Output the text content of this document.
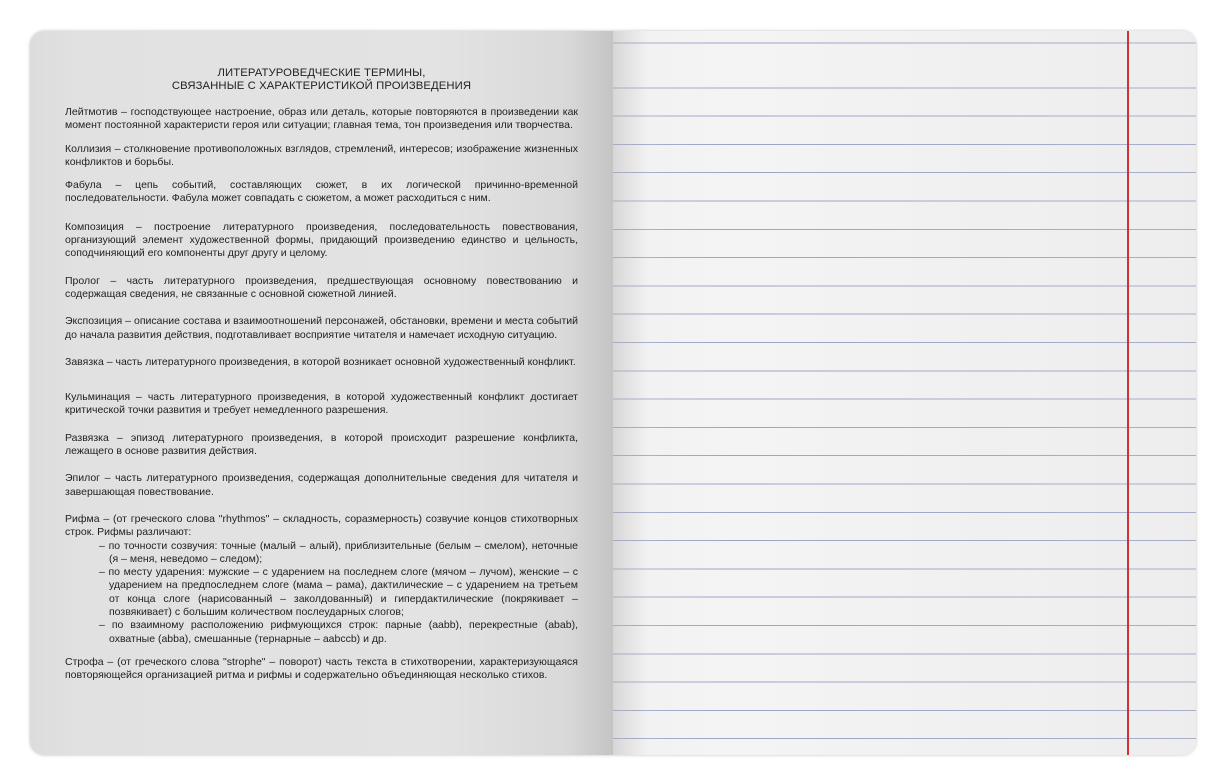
ЛИТЕРАТУРОВЕДЧЕСКИЕ ТЕРМИНЫ,
СВЯЗАННЫЕ С ХАРАКТЕРИСТИКОЙ ПРОИЗВЕДЕНИЯ

Лейтмотив – господствующее настроение, образ или деталь, которые повторяются в произведении как момент постоянной характеристи героя или ситуации; главная тема, тон произведения или творчества.

Коллизия – столкновение противоположных взглядов, стремлений, интересов; изображение жизненных конфликтов и борьбы.

Фабула – цепь событий, составляющих сюжет, в их логической причинно-временной последовательности. Фабула может совпадать с сюжетом, а может расходиться с ним.

Композиция – построение литературного произведения, последовательность повествования, организующий элемент художественной формы, придающий произведению единство и цельность, соподчиняющий его компоненты друг другу и целому.

Пролог – часть литературного произведения, предшествующая основному повествованию и содержащая сведения, не связанные с основной сюжетной линией.

Экспозиция – описание состава и взаимоотношений персонажей, обстановки, времени и места событий до начала развития действия, подготавливает восприятие читателя и намечает исходную ситуацию.

Завязка – часть литературного произведения, в которой возникает основной художественный конфликт.

Кульминация – часть литературного произведения, в которой художественный конфликт достигает критической точки развития и требует немедленного разрешения.

Развязка – эпизод литературного произведения, в которой происходит разрешение конфликта, лежащего в основе развития действия.

Эпилог – часть литературного произведения, содержащая дополнительные сведения для читателя и завершающая повествование.

Рифма – (от греческого слова "rhythmos" – складность, соразмерность) созвучие концов стихотворных строк. Рифмы различают:

– по точности созвучия: точные (малый – алый), приблизительные (белым – смелом), неточные (я – меня, неведомо – следом);
– по месту ударения: мужские – с ударением на последнем слоге (мячом – лучом), женские – с ударением на предпоследнем слоге (мама – рама), дактилические – с ударением на третьем от конца слоге (нарисованный – заколдованный) и гипердактилические (покрякивает – позвякивает) с большим количеством послеударных слогов;
– по взаимному расположению рифмующихся строк: парные (aabb), перекрестные (abab), охватные (abba), смешанные (тернарные – aabccb) и др.

Строфа – (от греческого слова "strophe" – поворот) часть текста в стихотворении, характеризующаяся повторяющейся организацией ритма и рифмы и содержательно объединяющая несколько стихов.
